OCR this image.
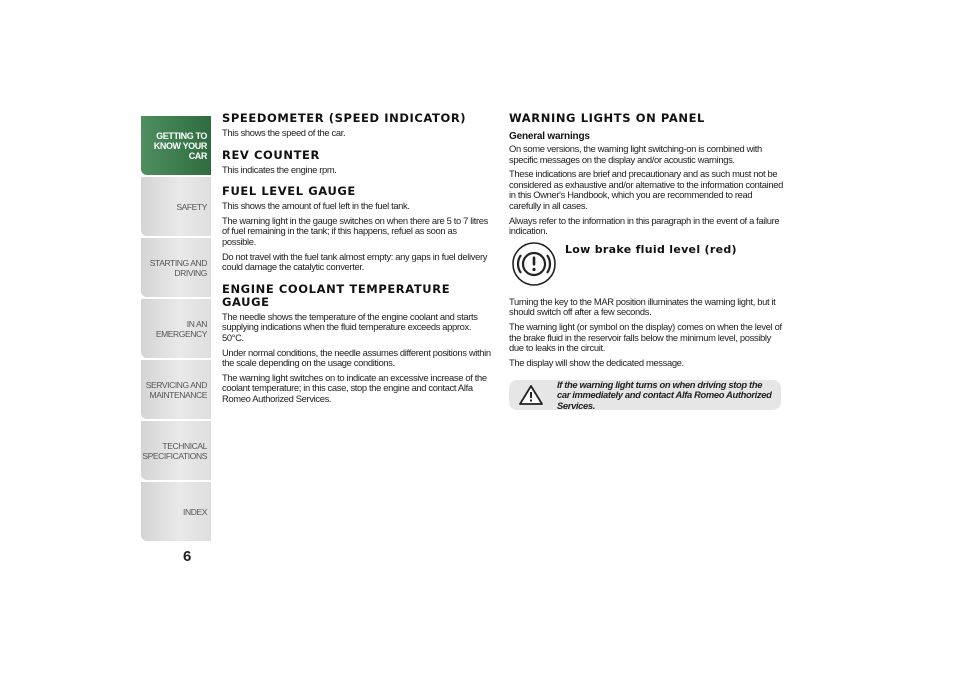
GETTING TO
KNOW YOUR CAR
SAFETY
STARTING AND
DRIVING
IN AN EMERGENCY
SERVICING AND
MAINTENANCE
TECHNICAL
SPECIFICATIONS
INDEX
6
SPEEDOMETER (SPEED INDICATOR)

This shows the speed of the car.

REV COUNTER

This indicates the engine rpm.

FUEL LEVEL GAUGE

This shows the amount of fuel left in the fuel tank.

The warning light in the gauge switches on when there are 5 to 7 litres of fuel remaining in the tank; if this happens, refuel as soon as possible.

Do not travel with the fuel tank almost empty: any gaps in fuel delivery could damage the catalytic converter.

ENGINE COOLANT TEMPERATURE GAUGE

The needle shows the temperature of the engine coolant and starts supplying indications when the fluid temperature exceeds approx. 50°C.

Under normal conditions, the needle assumes different positions within the scale depending on the usage conditions.

The warning light switches on to indicate an excessive increase of the coolant temperature; in this case, stop the engine and contact Alfa Romeo Authorized Services.

WARNING LIGHTS ON PANEL
General warnings

On some versions, the warning light switching-on is combined with specific messages on the display and/or acoustic warnings.

These indications are brief and precautionary and as such must not be considered as exhaustive and/or alternative to the information contained in this Owner's Handbook, which you are recommended to read carefully in all cases.

Always refer to the information in this paragraph in the event of a failure indication.

Low brake fluid level (red)

Turning the key to the MAR position illuminates the warning light, but it should switch off after a few seconds.

The warning light (or symbol on the display) comes on when the level of the brake fluid in the reservoir falls below the minimum level, possibly due to leaks in the circuit.

The display will show the dedicated message.

If the warning light turns on when driving stop the car immediately and contact Alfa Romeo Authorized Services.
